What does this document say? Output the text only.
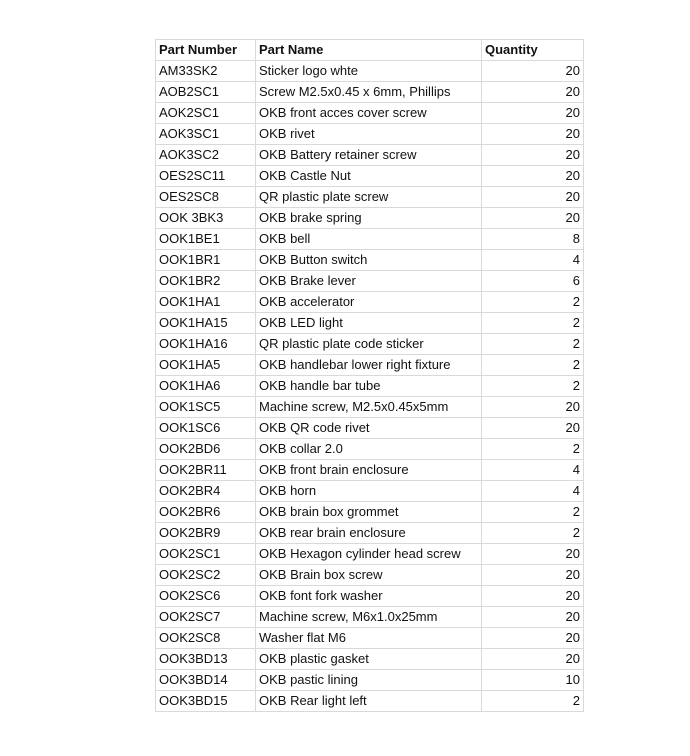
Part Number	Part Name	Quantity
AM33SK2	Sticker logo whte	20
AOB2SC1	Screw M2.5x0.45 x 6mm, Phillips	20
AOK2SC1	OKB front acces cover screw	20
AOK3SC1	OKB rivet	20
AOK3SC2	OKB Battery retainer screw	20
OES2SC11	OKB Castle Nut	20
OES2SC8	QR plastic plate screw	20
OOK 3BK3	OKB brake spring	20
OOK1BE1	OKB bell	8
OOK1BR1	OKB Button switch	4
OOK1BR2	OKB Brake lever	6
OOK1HA1	OKB accelerator	2
OOK1HA15	OKB LED light	2
OOK1HA16	QR plastic plate code sticker	2
OOK1HA5	OKB handlebar lower right fixture	2
OOK1HA6	OKB handle bar tube	2
OOK1SC5	Machine screw, M2.5x0.45x5mm	20
OOK1SC6	OKB QR code rivet	20
OOK2BD6	OKB collar 2.0	2
OOK2BR11	OKB front brain enclosure	4
OOK2BR4	OKB horn	4
OOK2BR6	OKB brain box grommet	2
OOK2BR9	OKB rear brain enclosure	2
OOK2SC1	OKB Hexagon cylinder head screw	20
OOK2SC2	OKB Brain box screw	20
OOK2SC6	OKB font fork washer	20
OOK2SC7	Machine screw, M6x1.0x25mm	20
OOK2SC8	Washer flat M6	20
OOK3BD13	OKB plastic gasket	20
OOK3BD14	OKB pastic lining	10
OOK3BD15	OKB Rear light left	2
